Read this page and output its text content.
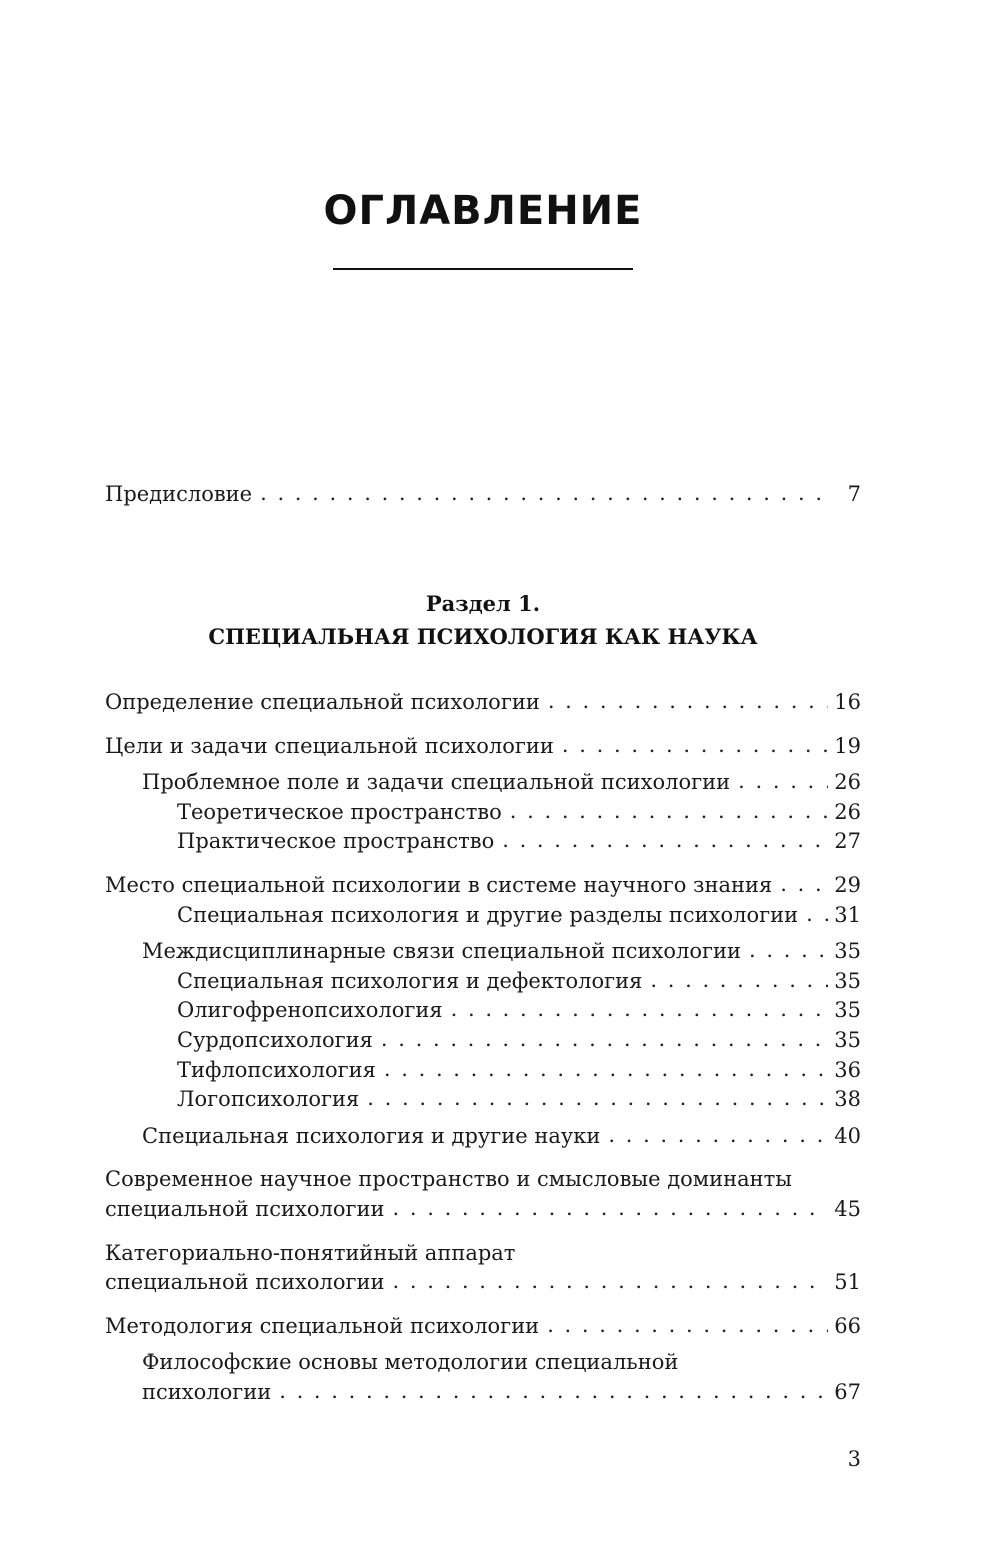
ОГЛАВЛЕНИЕ
Предисловие . . .	7
Раздел 1.
СПЕЦИАЛЬНАЯ ПСИХОЛОГИЯ КАК НАУКА
Определение специальной психологии . . .	16
Цели и задачи специальной психологии . . .	19
Проблемное поле и задачи специальной психологии . . .	26
Теоретическое пространство . . .	26
Практическое пространство . . .	27
Место специальной психологии в системе научного знания . . .	29
Специальная психология и другие разделы психологии . . . 31
Междисциплинарные связи специальной психологии . . .	35
Специальная психология и дефектология . . .	35
Олигофренопсихология . . .	35
Сурдопсихология . . .	35
Тифлопсихология . . .	36
Логопсихология . . .	38
Специальная психология и другие науки . . .	40
Современное научное пространство и смысловые доминанты
специальной психологии . . .	45
Категориально-понятийный аппарат
специальной психологии . . .	51
Методология специальной психологии . . .	66
Философские основы методологии специальной
психологии . . .	67
3
